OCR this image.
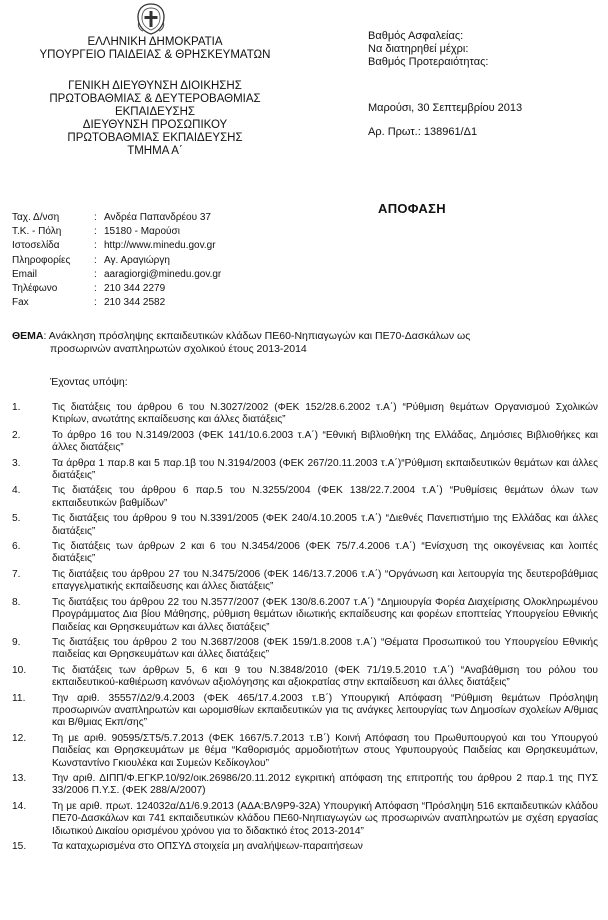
ΕΛΛΗΝΙΚΗ ΔΗΜΟΚΡΑΤΙΑ
ΥΠΟΥΡΓΕΙΟ ΠΑΙΔΕΙΑΣ & ΘΡΗΣΚΕΥΜΑΤΩΝ
ΓΕΝΙΚΗ ΔΙΕΥΘΥΝΣΗ ΔΙΟΙΚΗΣΗΣ
ΠΡΩΤΟΒΑΘΜΙΑΣ & ΔΕΥΤΕΡΟΒΑΘΜΙΑΣ
ΕΚΠΑΙΔΕΥΣΗΣ
ΔΙΕΥΘΥΝΣΗ ΠΡΟΣΩΠΙΚΟΥ
ΠΡΩΤΟΒΑΘΜΙΑΣ ΕΚΠΑΙΔΕΥΣΗΣ
ΤΜΗΜΑ Α΄
Βαθμός Ασφαλείας:
Να διατηρηθεί μέχρι:
Βαθμός Προτεραιότητας:
Μαρούσι, 30 Σεπτεμβρίου 2013
Αρ. Πρωτ.: 138961/Δ1
ΑΠΟΦΑΣΗ
Ταχ. Δ/νση	: Ανδρέα Παπανδρέου 37
Τ.Κ. - Πόλη	: 15180 - Μαρούσι
Ιστοσελίδα	: http://www.minedu.gov.gr
Πληροφορίες	: Αγ. Αραγιώργη
Email	: aaragiorgi@minedu.gov.gr
Τηλέφωνο	: 210 344 2279
Fax	: 210 344 2582
ΘΕΜΑ: Ανάκληση πρόσληψης εκπαιδευτικών κλάδων ΠΕ60-Νηπιαγωγών και ΠΕ70-Δασκάλων ως
προσωρινών αναπληρωτών σχολικού έτους 2013-2014
Έχοντας υπόψη:
1.	Τις διατάξεις του άρθρου 6 του Ν.3027/2002 (ΦΕΚ 152/28.6.2002 τ.Α΄) “Ρύθμιση θεμάτων Οργανισμού Σχολικών Κτιρίων, ανωτάτης εκπαίδευσης και άλλες διατάξεις”
2.	Το άρθρο 16 του Ν.3149/2003 (ΦΕΚ 141/10.6.2003 τ.Α΄) “Εθνική Βιβλιοθήκη της Ελλάδας, Δημόσιες Βιβλιοθήκες και άλλες διατάξεις”
3.	Τα άρθρα 1 παρ.8 και 5 παρ.1β του Ν.3194/2003 (ΦΕΚ 267/20.11.2003 τ.Α΄)“Ρύθμιση εκπαιδευτικών θεμάτων και άλλες διατάξεις”
4.	Τις διατάξεις του άρθρου 6 παρ.5 του Ν.3255/2004 (ΦΕΚ 138/22.7.2004 τ.Α΄) “Ρυθμίσεις θεμάτων όλων των εκπαιδευτικών βαθμίδων”
5.	Τις διατάξεις του άρθρου 9 του Ν.3391/2005 (ΦΕΚ 240/4.10.2005 τ.Α΄) “Διεθνές Πανεπιστήμιο της Ελλάδας και άλλες διατάξεις”
6.	Τις διατάξεις των άρθρων 2 και 6 του Ν.3454/2006 (ΦΕΚ 75/7.4.2006 τ.Α΄) “Ενίσχυση της οικογένειας και λοιπές διατάξεις”
7.	Τις διατάξεις του άρθρου 27 του Ν.3475/2006 (ΦΕΚ 146/13.7.2006 τ.Α΄) “Οργάνωση και λειτουργία της δευτεροβάθμιας επαγγελματικής εκπαίδευσης και άλλες διατάξεις”
8.	Τις διατάξεις του άρθρου 22 του Ν.3577/2007 (ΦΕΚ 130/8.6.2007 τ.Α΄) “Δημιουργία Φορέα Διαχείρισης Ολοκληρωμένου Προγράμματος Δια βίου Μάθησης, ρύθμιση θεμάτων ιδιωτικής εκπαίδευσης και φορέων εποπτείας Υπουργείου Εθνικής Παιδείας και Θρησκευμάτων και άλλες διατάξεις”
9.	Τις διατάξεις του άρθρου 2 του Ν.3687/2008 (ΦΕΚ 159/1.8.2008 τ.Α΄) “Θέματα Προσωπικού του Υπουργείου Εθνικής παιδείας και Θρησκευμάτων και άλλες διατάξεις”
10.	Τις διατάξεις των άρθρων 5, 6 και 9 του Ν.3848/2010 (ΦΕΚ 71/19.5.2010 τ.Α΄) “Αναβάθμιση του ρόλου του εκπαιδευτικού-καθιέρωση κανόνων αξιολόγησης και αξιοκρατίας στην εκπαίδευση και άλλες διατάξεις”
11.	Την αριθ. 35557/Δ2/9.4.2003 (ΦΕΚ 465/17.4.2003 τ.Β΄) Υπουργική Απόφαση “Ρύθμιση θεμάτων Πρόσληψη προσωρινών αναπληρωτών και ωρομισθίων εκπαιδευτικών για τις ανάγκες λειτουργίας των Δημοσίων σχολείων Α/θμιας και Β/θμιας Εκπ/σης”
12.	Τη με αριθ. 90595/ΣΤ5/5.7.2013 (ΦΕΚ 1667/5.7.2013 τ.Β΄) Κοινή Απόφαση του Πρωθυπουργού και του Υπουργού Παιδείας και Θρησκευμάτων με θέμα “Καθορισμός αρμοδιοτήτων στους Υφυπουργούς Παιδείας και Θρησκευμάτων, Κωνσταντίνο Γκιουλέκα και Συμεών Κεδίκογλου”
13.	Την αριθ. ΔΙΠΠ/Φ.ΕΓΚΡ.10/92/οικ.26986/20.11.2012 εγκριτική απόφαση της επιτροπής του άρθρου 2 παρ.1 της ΠΥΣ 33/2006 Π.Υ.Σ. (ΦΕΚ 288/Α/2007)
14.	Τη με αριθ. πρωτ. 124032α/Δ1/6.9.2013 (ΑΔΑ:ΒΛ9Ρ9-32Α) Υπουργική Απόφαση “Πρόσληψη 516 εκπαιδευτικών κλάδου ΠΕ70-Δασκάλων και 741 εκπαιδευτικών κλάδου ΠΕ60-Νηπιαγωγών ως προσωρινών αναπληρωτών με σχέση εργασίας Ιδιωτικού Δικαίου ορισμένου χρόνου για το διδακτικό έτος 2013-2014”
15.	Τα καταχωρισμένα στο ΟΠΣΥΔ στοιχεία μη αναλήψεων-παραιτήσεων
